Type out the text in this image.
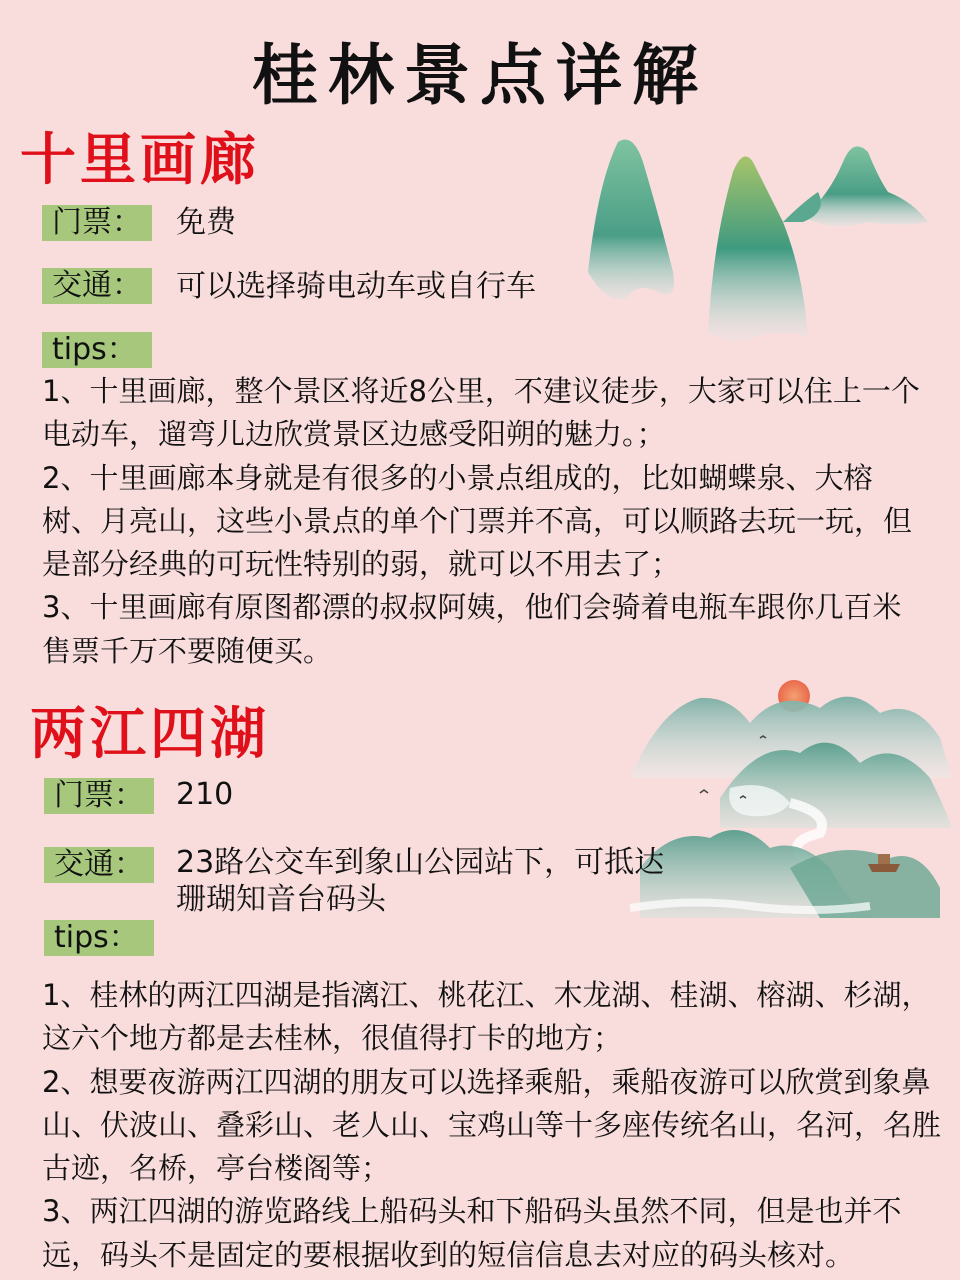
桂林景点详解
十里画廊
门票：	免费
交通：	可以选择骑电动车或自行车
tips：

1、十里画廊，整个景区将近8公里，不建议徒步，大家可以住上一个电动车，遛弯儿边欣赏景区边感受阳朔的魅力。；

2、十里画廊本身就是有很多的小景点组成的，比如蝴蝶泉、大榕树、月亮山，这些小景点的单个门票并不高，可以顺路去玩一玩，但是部分经典的可玩性特别的弱，就可以不用去了；

3、十里画廊有原图都漂的叔叔阿姨，他们会骑着电瓶车跟你几百米售票千万不要随便买。

两江四湖
门票：	210
交通：	23路公交车到象山公园站下，可抵达
珊瑚知音台码头
tips：

1、桂林的两江四湖是指漓江、桃花江、木龙湖、桂湖、榕湖、杉湖，这六个地方都是去桂林，很值得打卡的地方；

2、想要夜游两江四湖的朋友可以选择乘船，乘船夜游可以欣赏到象鼻山、伏波山、叠彩山、老人山、宝鸡山等十多座传统名山，名河，名胜古迹，名桥，亭台楼阁等；

3、两江四湖的游览路线上船码头和下船码头虽然不同，但是也并不远，码头不是固定的要根据收到的短信信息去对应的码头核对。
